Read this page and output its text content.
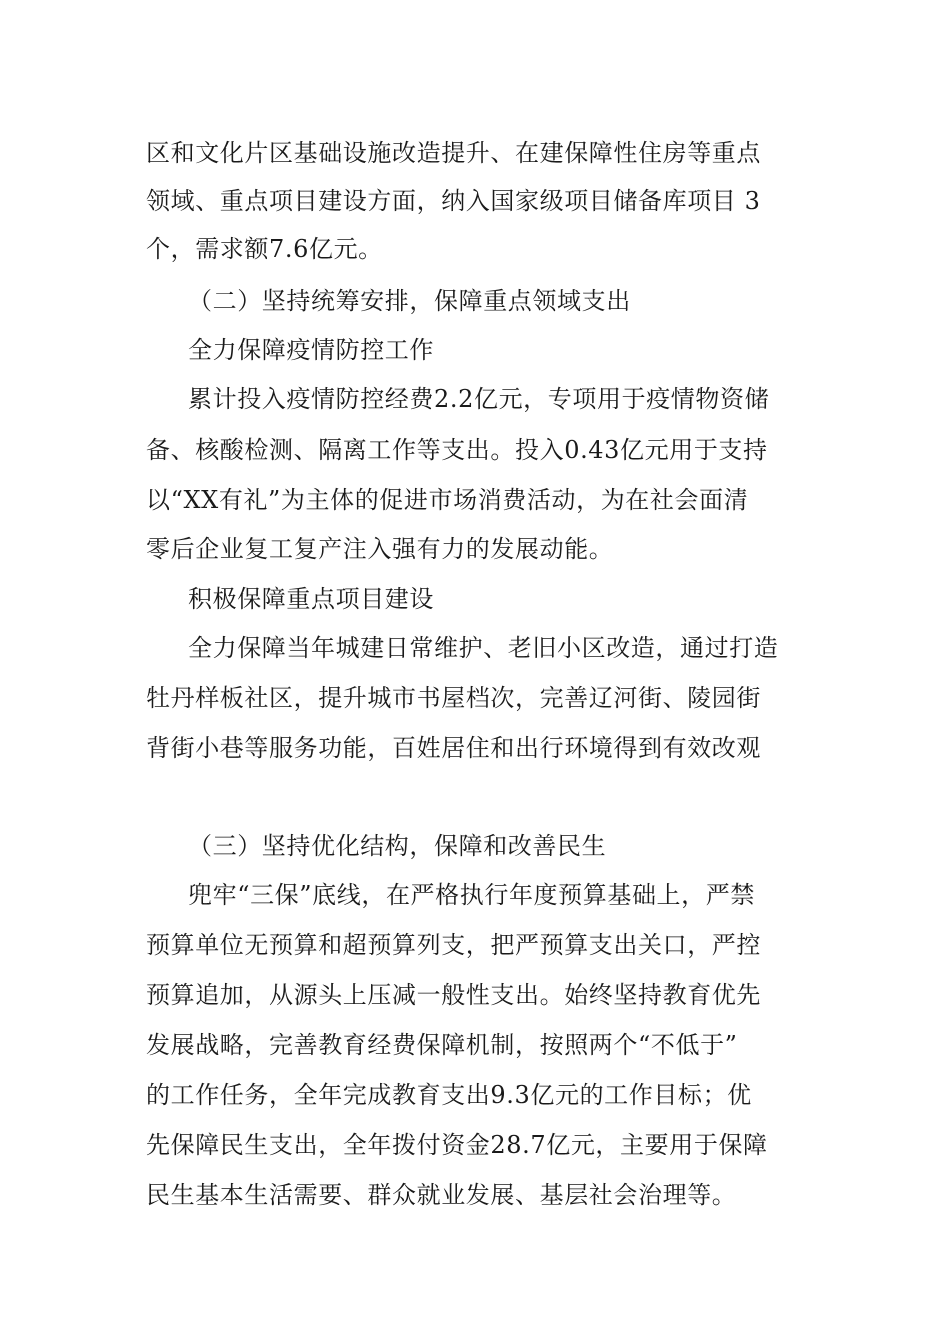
区和文化片区基础设施改造提升、在建保障性住房等重点
领域、重点项目建设方面，纳入国家级项目储备库项目 3
个，需求额7.6亿元。
（二）坚持统筹安排，保障重点领域支出
全力保障疫情防控工作
累计投入疫情防控经费2.2亿元，专项用于疫情物资储
备、核酸检测、隔离工作等支出。投入0.43亿元用于支持
以“XX有礼”为主体的促进市场消费活动，为在社会面清
零后企业复工复产注入强有力的发展动能。
积极保障重点项目建设
全力保障当年城建日常维护、老旧小区改造，通过打造
牡丹样板社区，提升城市书屋档次，完善辽河街、陵园街
背街小巷等服务功能，百姓居住和出行环境得到有效改观
（三）坚持优化结构，保障和改善民生
兜牢“三保”底线，在严格执行年度预算基础上，严禁
预算单位无预算和超预算列支，把严预算支出关口，严控
预算追加，从源头上压减一般性支出。始终坚持教育优先
发展战略，完善教育经费保障机制，按照两个“不低于”
的工作任务，全年完成教育支出9.3亿元的工作目标；优
先保障民生支出，全年拨付资金28.7亿元，主要用于保障
民生基本生活需要、群众就业发展、基层社会治理等。
